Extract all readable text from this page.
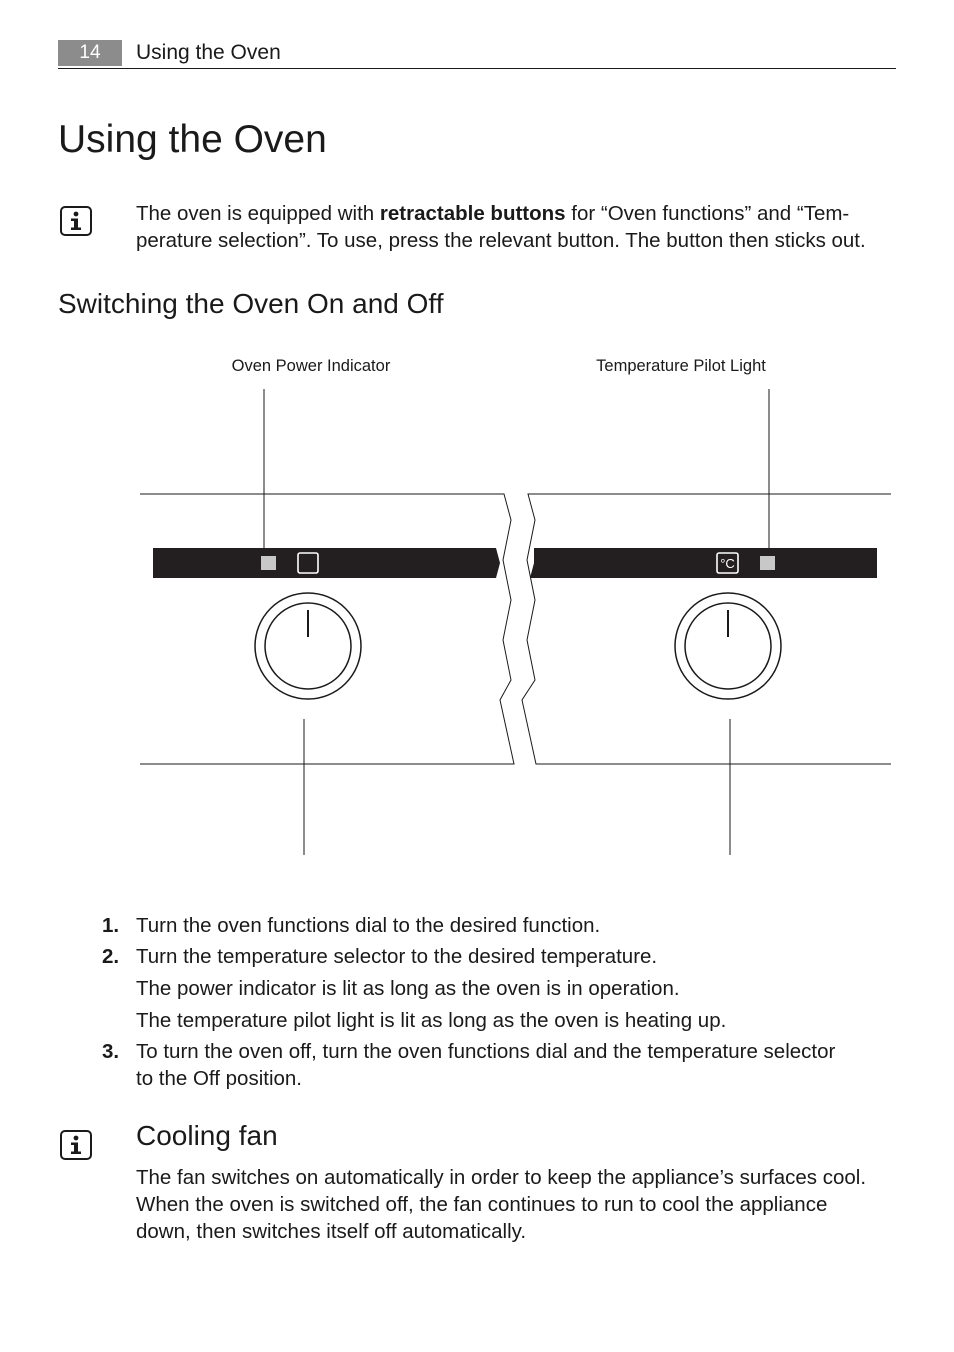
14	Using the Oven
Using the Oven

The oven is equipped with retractable buttons for “Oven functions” and “Tem-
perature selection”. To use, press the relevant button. The button then sticks out.

Switching the Oven On and Off
Oven Power Indicator	Temperature Pilot Light
°C
1. Turn the oven functions dial to the desired function.
2. Turn the temperature selector to the desired temperature.
The power indicator is lit as long as the oven is in operation.
The temperature pilot light is lit as long as the oven is heating up.
3. To turn the oven off, turn the oven functions dial and the temperature selector
to the Off position.
Cooling fan

The fan switches on automatically in order to keep the appliance’s surfaces cool.
When the oven is switched off, the fan continues to run to cool the appliance
down, then switches itself off automatically.
